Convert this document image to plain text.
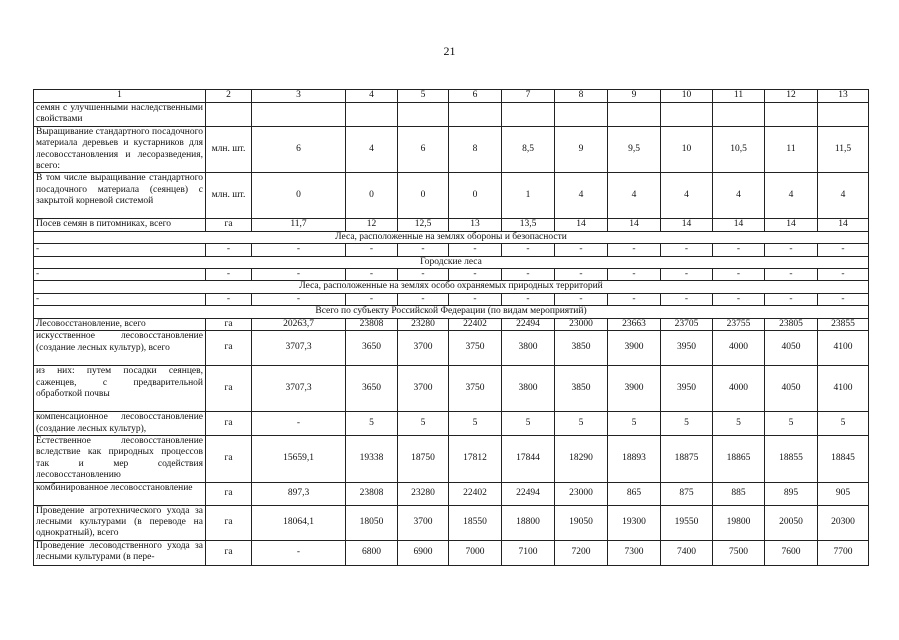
21
1	2	3	4	5	6	7	8	9	10	11	12	13
семян с улучшенными наследственными свойствами												
Выращивание стандартного посадочного материала деревьев и кустарников для лесовосстановления и лесоразведения, всего:	млн. шт.	6	4	6	8	8,5	9	9,5	10	10,5	11	11,5
В том числе выращивание стандартного посадочного материала (сеянцев) с закрытой корневой системой	млн. шт.	0	0	0	0	1	4	4	4	4	4	4
Посев семян в питомниках, всего	га	11,7	12	12,5	13	13,5	14	14	14	14	14	14
Леса, расположенные на землях обороны и безопасности												
-	-	-	-	-	-	-	-	-	-	-	-	-
Городские леса												
-	-	-	-	-	-	-	-	-	-	-	-	-
Леса, расположенные на землях особо охраняемых природных территорий												
-	-	-	-	-	-	-	-	-	-	-	-	-
Всего по субъекту Российской Федерации (по видам мероприятий)												
Лесовосстановление, всего	га	20263,7	23808	23280	22402	22494	23000	23663	23705	23755	23805	23855
искусственное лесовосстановление (создание лесных культур), всего	га	3707,3	3650	3700	3750	3800	3850	3900	3950	4000	4050	4100
из них: путем посадки сеянцев, саженцев, с предварительной обработкой почвы	га	3707,3	3650	3700	3750	3800	3850	3900	3950	4000	4050	4100
компенсационное лесовосстановление (создание лесных культур),	га	-	5	5	5	5	5	5	5	5	5	5
Естественное лесовосстановление вследствие как природных процессов так и мер содействия лесовосстановлению	га	15659,1	19338	18750	17812	17844	18290	18893	18875	18865	18855	18845
комбинированное лесовосстановление	га	897,3	23808	23280	22402	22494	23000	865	875	885	895	905
Проведение агротехнического ухода за лесными культурами (в переводе на однократный), всего	га	18064,1	18050	3700	18550	18800	19050	19300	19550	19800	20050	20300
Проведение лесоводственного ухода за лесными культурами (в пере-	га	-	6800	6900	7000	7100	7200	7300	7400	7500	7600	7700
